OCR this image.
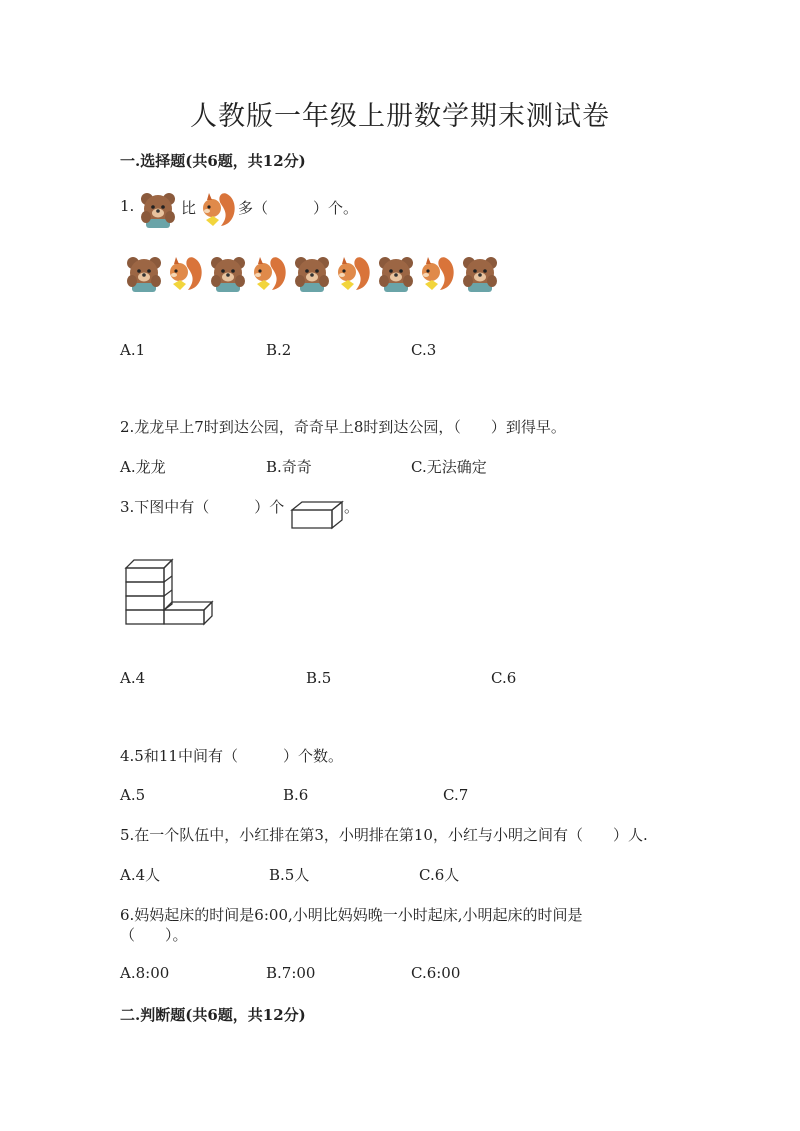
人教版一年级上册数学期末测试卷
一.选择题(共6题，共12分)
1.	比	多（　　　）个。
A.1	B.2	C.3
2.龙龙早上7时到达公园，奇奇早上8时到达公园，（　　）到得早。
A.龙龙	B.奇奇	C.无法确定
3.下图中有（　　　）个	。
A.4	B.5	C.6
4.5和11中间有（　　　）个数。
A.5	B.6	C.7
5.在一个队伍中，小红排在第3，小明排在第10，小红与小明之间有（　　）人.
A.4人	B.5人	C.6人
6.妈妈起床的时间是6:00,小明比妈妈晚一小时起床,小明起床的时间是
（　　）。
A.8:00	B.7:00	C.6:00
二.判断题(共6题，共12分)
